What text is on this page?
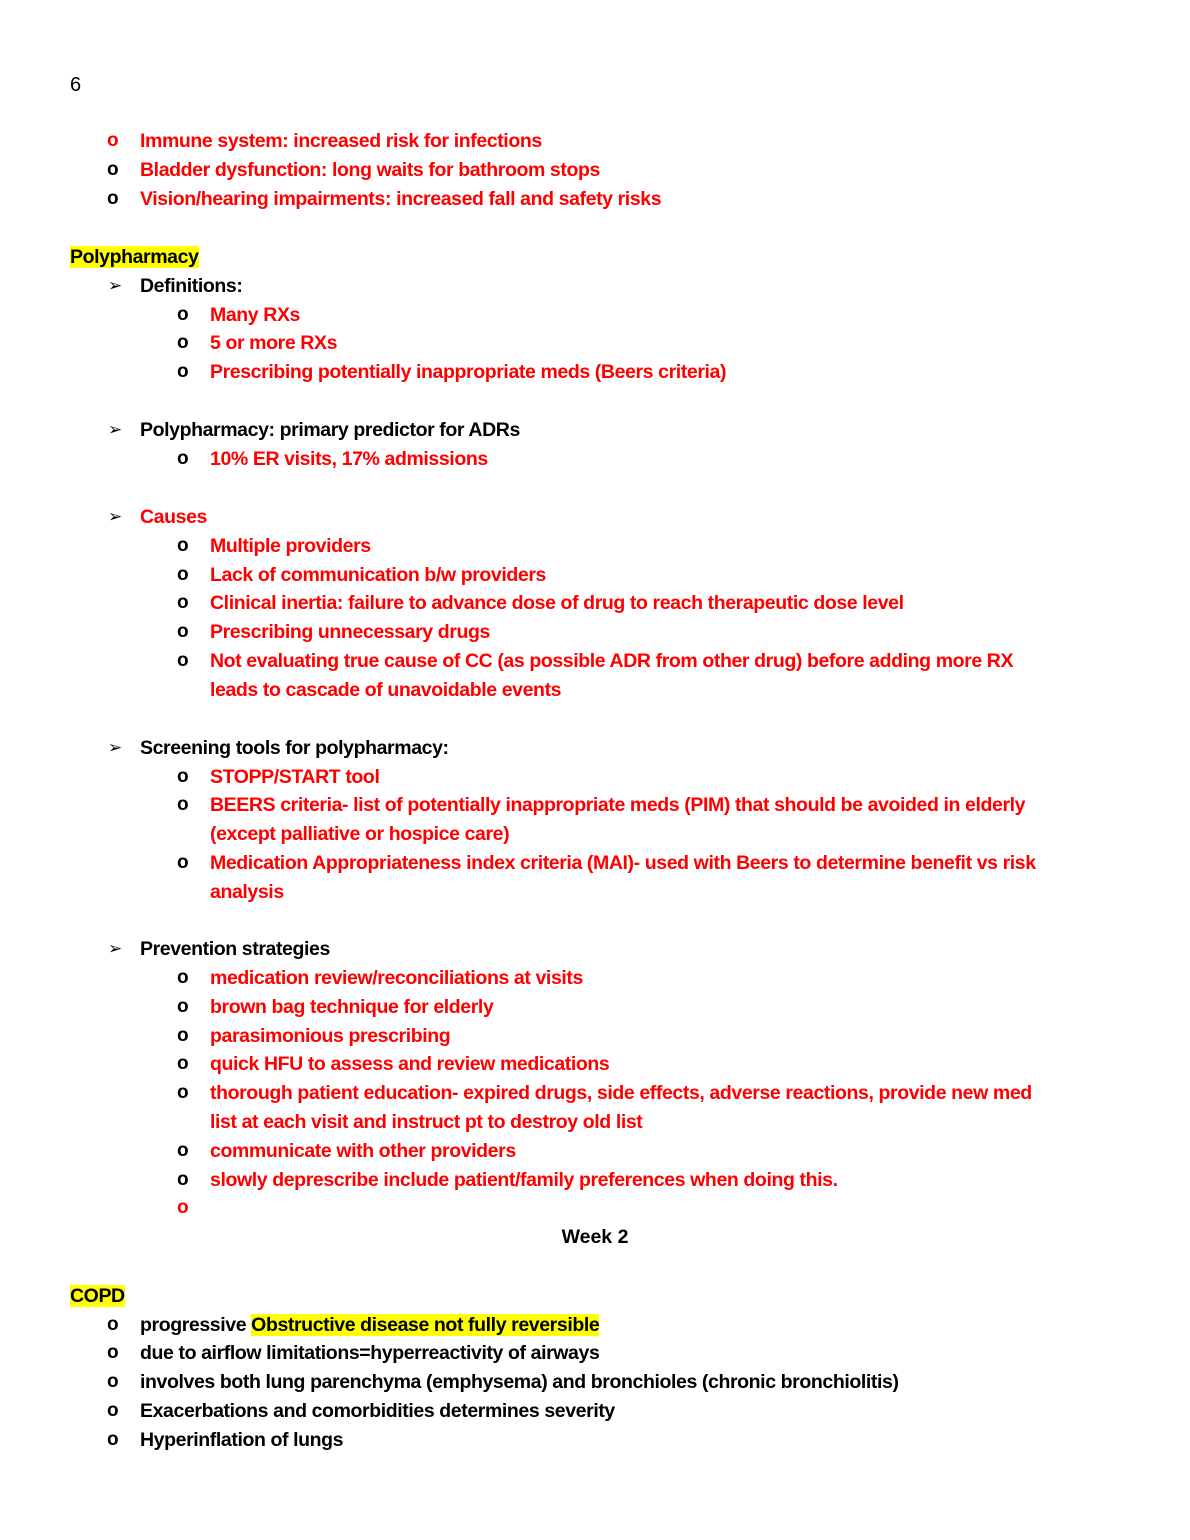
6
o Immune system: increased risk for infections
o Bladder dysfunction: long waits for bathroom stops
o Vision/hearing impairments: increased fall and safety risks
Polypharmacy
➢ Definitions:
o Many RXs
o 5 or more RXs
o Prescribing potentially inappropriate meds (Beers criteria)
➢ Polypharmacy: primary predictor for ADRs
o 10% ER visits, 17% admissions
➢ Causes
o Multiple providers
o Lack of communication b/w providers
o Clinical inertia: failure to advance dose of drug to reach therapeutic dose level
o Prescribing unnecessary drugs
o Not evaluating true cause of CC (as possible ADR from other drug) before adding more RX
leads to cascade of unavoidable events
➢ Screening tools for polypharmacy:
o STOPP/START tool
o BEERS criteria- list of potentially inappropriate meds (PIM) that should be avoided in elderly
(except palliative or hospice care)
o Medication Appropriateness index criteria (MAI)- used with Beers to determine benefit vs risk
analysis
➢ Prevention strategies
o medication review/reconciliations at visits
o brown bag technique for elderly
o parasimonious prescribing
o quick HFU to assess and review medications
o thorough patient education- expired drugs, side effects, adverse reactions, provide new med
list at each visit and instruct pt to destroy old list
o communicate with other providers
o slowly deprescribe include patient/family preferences when doing this.
o
Week 2
COPD
o progressive Obstructive disease not fully reversible
o due to airflow limitations=hyperreactivity of airways
o involves both lung parenchyma (emphysema) and bronchioles (chronic bronchiolitis)
o Exacerbations and comorbidities determines severity
o Hyperinflation of lungs
